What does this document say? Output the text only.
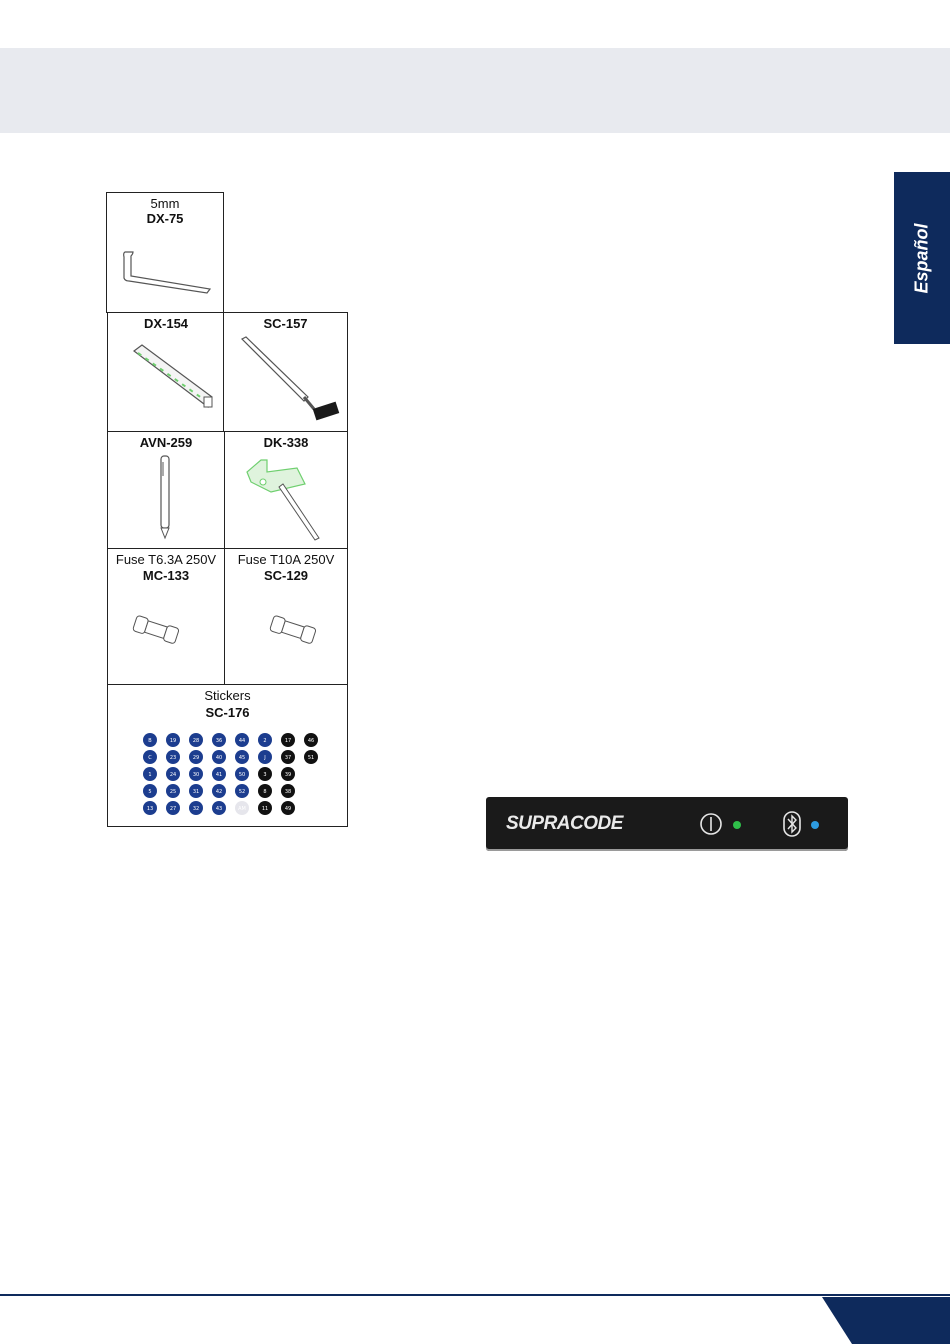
Español
5mm
DX-75
DX-154	SC-157
AVN-259	DK-338
Fuse T6.3A 250V
MC-133
Fuse T10A 250V
SC-129
Stickers
SC-176
B	19	28	36	44	2	17	46
C	23	29	40	45	J	37	51
1	24	30	41	50	3	39
5	25	31	42	52	8	38
13	27	32	43	AM	11	49
SUPRACODE
